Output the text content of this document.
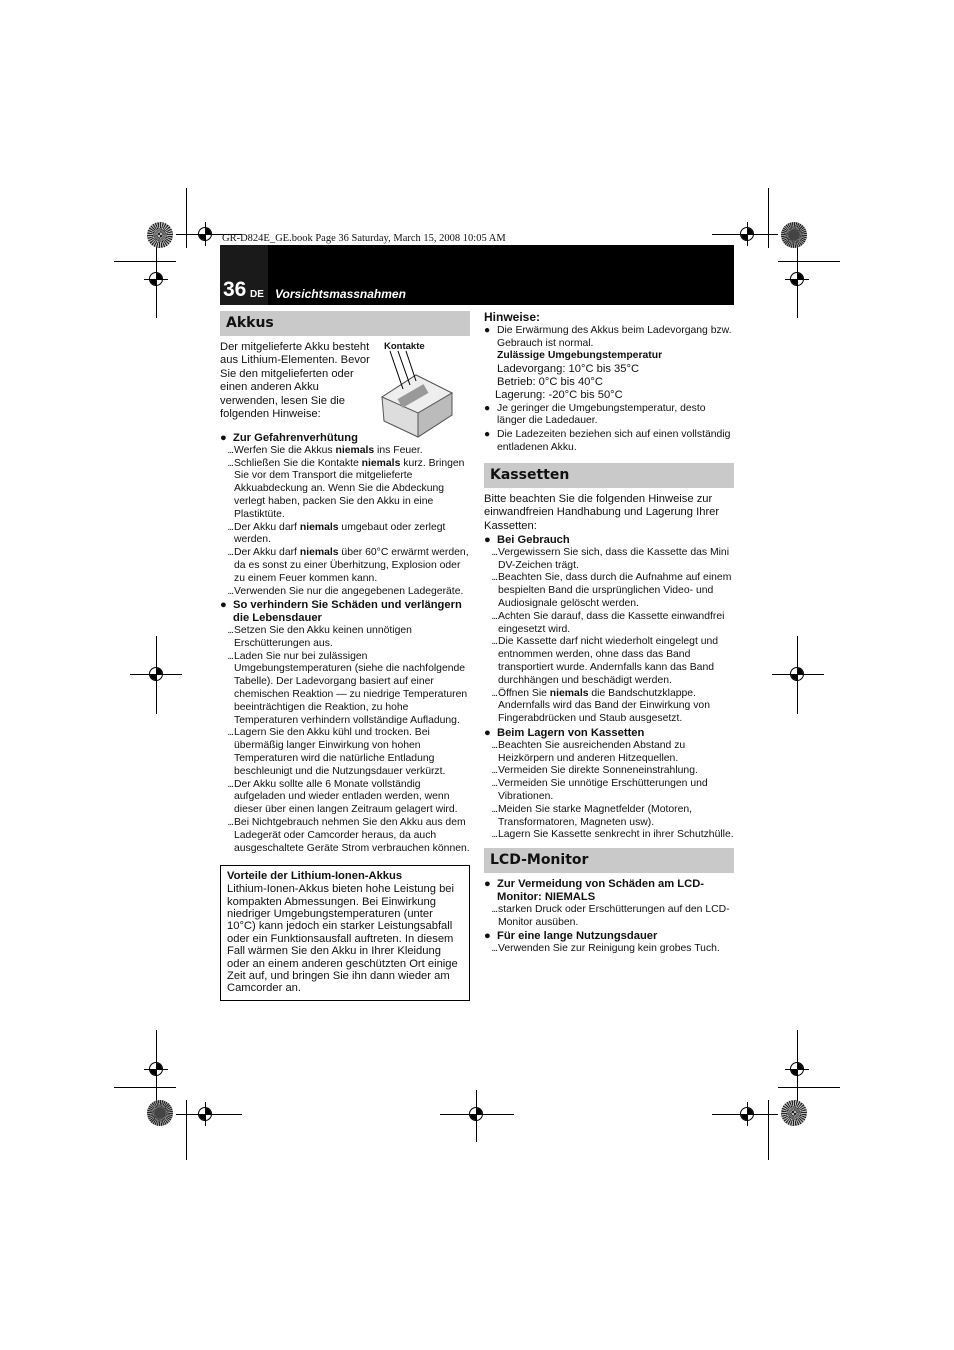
GR-D824E_GE.book Page 36 Saturday, March 15, 2008 10:05 AM
36 DE Vorsichtsmassnahmen
Akkus

Der mitgelieferte Akku besteht aus Lithium-Elementen. Bevor Sie den mitgelieferten oder einen anderen Akku verwenden, lesen Sie die folgenden Hinweise:

Kontakte
● Zur Gefahrenverhütung
... Werfen Sie die Akkus niemals ins Feuer.
... Schließen Sie die Kontakte niemals kurz. Bringen Sie vor dem Transport die mitgelieferte Akkuabdeckung an. Wenn Sie die Abdeckung verlegt haben, packen Sie den Akku in eine Plastiktüte.
... Der Akku darf niemals umgebaut oder zerlegt werden.
... Der Akku darf niemals über 60°C erwärmt werden, da es sonst zu einer Überhitzung, Explosion oder zu einem Feuer kommen kann.
... Verwenden Sie nur die angegebenen Ladegeräte.
● So verhindern Sie Schäden und verlängern die Lebensdauer
... Setzen Sie den Akku keinen unnötigen Erschütterungen aus.
... Laden Sie nur bei zulässigen Umgebungstemperaturen (siehe die nachfolgende Tabelle). Der Ladevorgang basiert auf einer chemischen Reaktion — zu niedrige Temperaturen beeinträchtigen die Reaktion, zu hohe Temperaturen verhindern vollständige Aufladung.
... Lagern Sie den Akku kühl und trocken. Bei übermäßig langer Einwirkung von hohen Temperaturen wird die natürliche Entladung beschleunigt und die Nutzungsdauer verkürzt.
... Der Akku sollte alle 6 Monate vollständig aufgeladen und wieder entladen werden, wenn dieser über einen langen Zeitraum gelagert wird.
... Bei Nichtgebrauch nehmen Sie den Akku aus dem Ladegerät oder Camcorder heraus, da auch ausgeschaltete Geräte Strom verbrauchen können.
Vorteile der Lithium-Ionen-Akkus

Lithium-Ionen-Akkus bieten hohe Leistung bei kompakten Abmessungen. Bei Einwirkung niedriger Umgebungstemperaturen (unter 10°C) kann jedoch ein starker Leistungsabfall oder ein Funktionsausfall auftreten. In diesem Fall wärmen Sie den Akku in Ihrer Kleidung oder an einem anderen geschützten Ort einige Zeit auf, und bringen Sie ihn dann wieder am Camcorder an.

Hinweise:
● Die Erwärmung des Akkus beim Ladevorgang bzw. Gebrauch ist normal.
Zulässige Umgebungstemperatur
Ladevorgang: 10°C bis 35°C
Betrieb: 0°C bis 40°C
Lagerung: -20°C bis 50°C
● Je geringer die Umgebungstemperatur, desto länger die Ladedauer.
● Die Ladezeiten beziehen sich auf einen vollständig entladenen Akku.
Kassetten

Bitte beachten Sie die folgenden Hinweise zur einwandfreien Handhabung und Lagerung Ihrer Kassetten:

● Bei Gebrauch
... Vergewissern Sie sich, dass die Kassette das Mini DV-Zeichen trägt.
... Beachten Sie, dass durch die Aufnahme auf einem bespielten Band die ursprünglichen Video- und Audiosignale gelöscht werden.
... Achten Sie darauf, dass die Kassette einwandfrei eingesetzt wird.
... Die Kassette darf nicht wiederholt eingelegt und entnommen werden, ohne dass das Band transportiert wurde. Andernfalls kann das Band durchhängen und beschädigt werden.
... Öffnen Sie niemals die Bandschutzklappe. Andernfalls wird das Band der Einwirkung von Fingerabdrücken und Staub ausgesetzt.
● Beim Lagern von Kassetten
... Beachten Sie ausreichenden Abstand zu Heizkörpern und anderen Hitzequellen.
... Vermeiden Sie direkte Sonneneinstrahlung.
... Vermeiden Sie unnötige Erschütterungen und Vibrationen.
... Meiden Sie starke Magnetfelder (Motoren, Transformatoren, Magneten usw).
... Lagern Sie Kassette senkrecht in ihrer Schutzhülle.
LCD-Monitor
● Zur Vermeidung von Schäden am LCD-Monitor: NIEMALS
... starken Druck oder Erschütterungen auf den LCD-Monitor ausüben.
● Für eine lange Nutzungsdauer
... Verwenden Sie zur Reinigung kein grobes Tuch.
